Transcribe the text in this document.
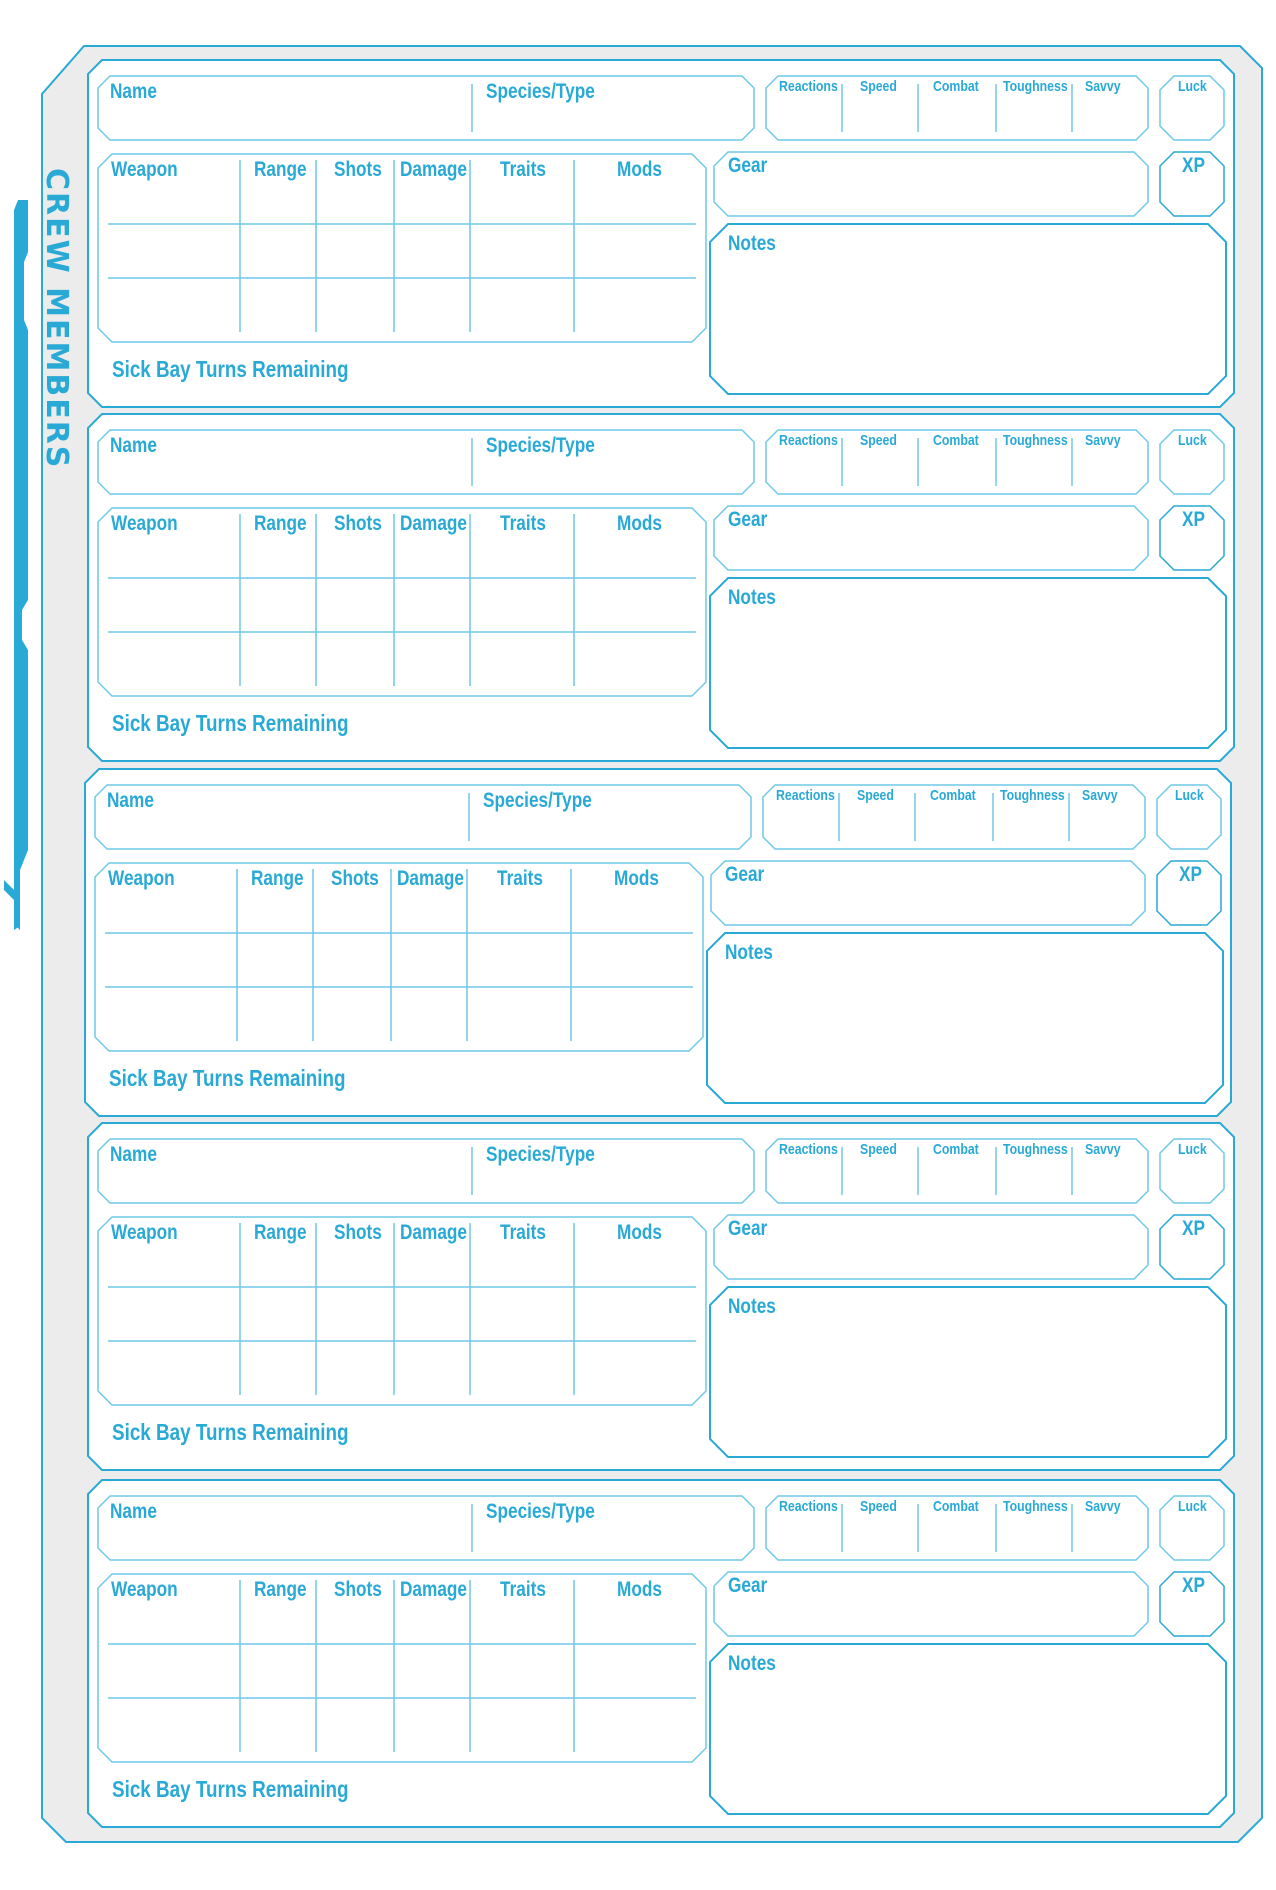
CREW MEMBERS
Name	Species/Type	Reactions Speed Combat Toughness Savvy	Luck
XP
Gear
Notes
Weapon	Range Shots Damage Traits	Mods
Sick Bay Turns Remaining
Name	Species/Type	Reactions Speed Combat Toughness Savvy	Luck
XP
Gear
Notes
Weapon	Range Shots Damage Traits	Mods
Sick Bay Turns Remaining
Name	Species/Type	Reactions Speed Combat Toughness Savvy	Luck
XP
Gear
Notes
Weapon	Range Shots Damage Traits	Mods
Sick Bay Turns Remaining
Name	Species/Type	Reactions Speed Combat Toughness Savvy	Luck
XP
Gear
Notes
Weapon	Range Shots Damage Traits	Mods
Sick Bay Turns Remaining
Name	Species/Type	Reactions Speed Combat Toughness Savvy	Luck
XP
Gear
Notes
Weapon	Range Shots Damage Traits	Mods
Sick Bay Turns Remaining
